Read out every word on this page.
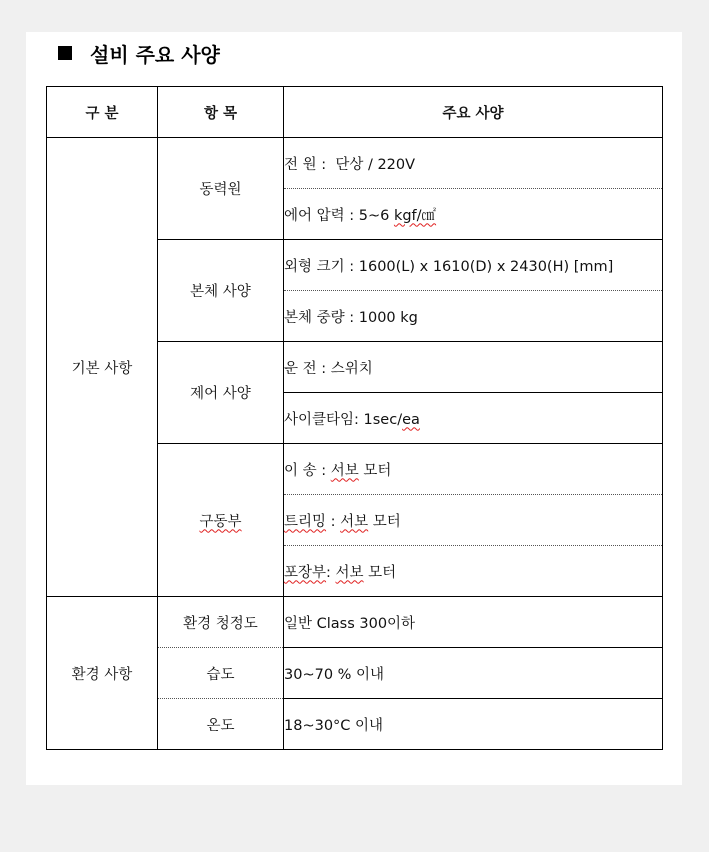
설비 주요 사양
구 분	항 목	주요 사양
기본 사항	동력원	전 원 : 단상 / 220V
		에어 압력 : 5~6 kgf/㎠
	본체 사양	외형 크기 : 1600(L) x 1610(D) x 2430(H) [mm]
		본체 중량 : 1000 kg
	제어 사양	운 전 : 스위치
		사이클타임: 1sec/ea
	구동부	이 송 : 서보 모터
		트리밍 : 서보 모터
		포장부: 서보 모터
환경 사항	환경 청정도	일반 Class 300이하
	습도	30~70 % 이내
	온도	18~30°C 이내
